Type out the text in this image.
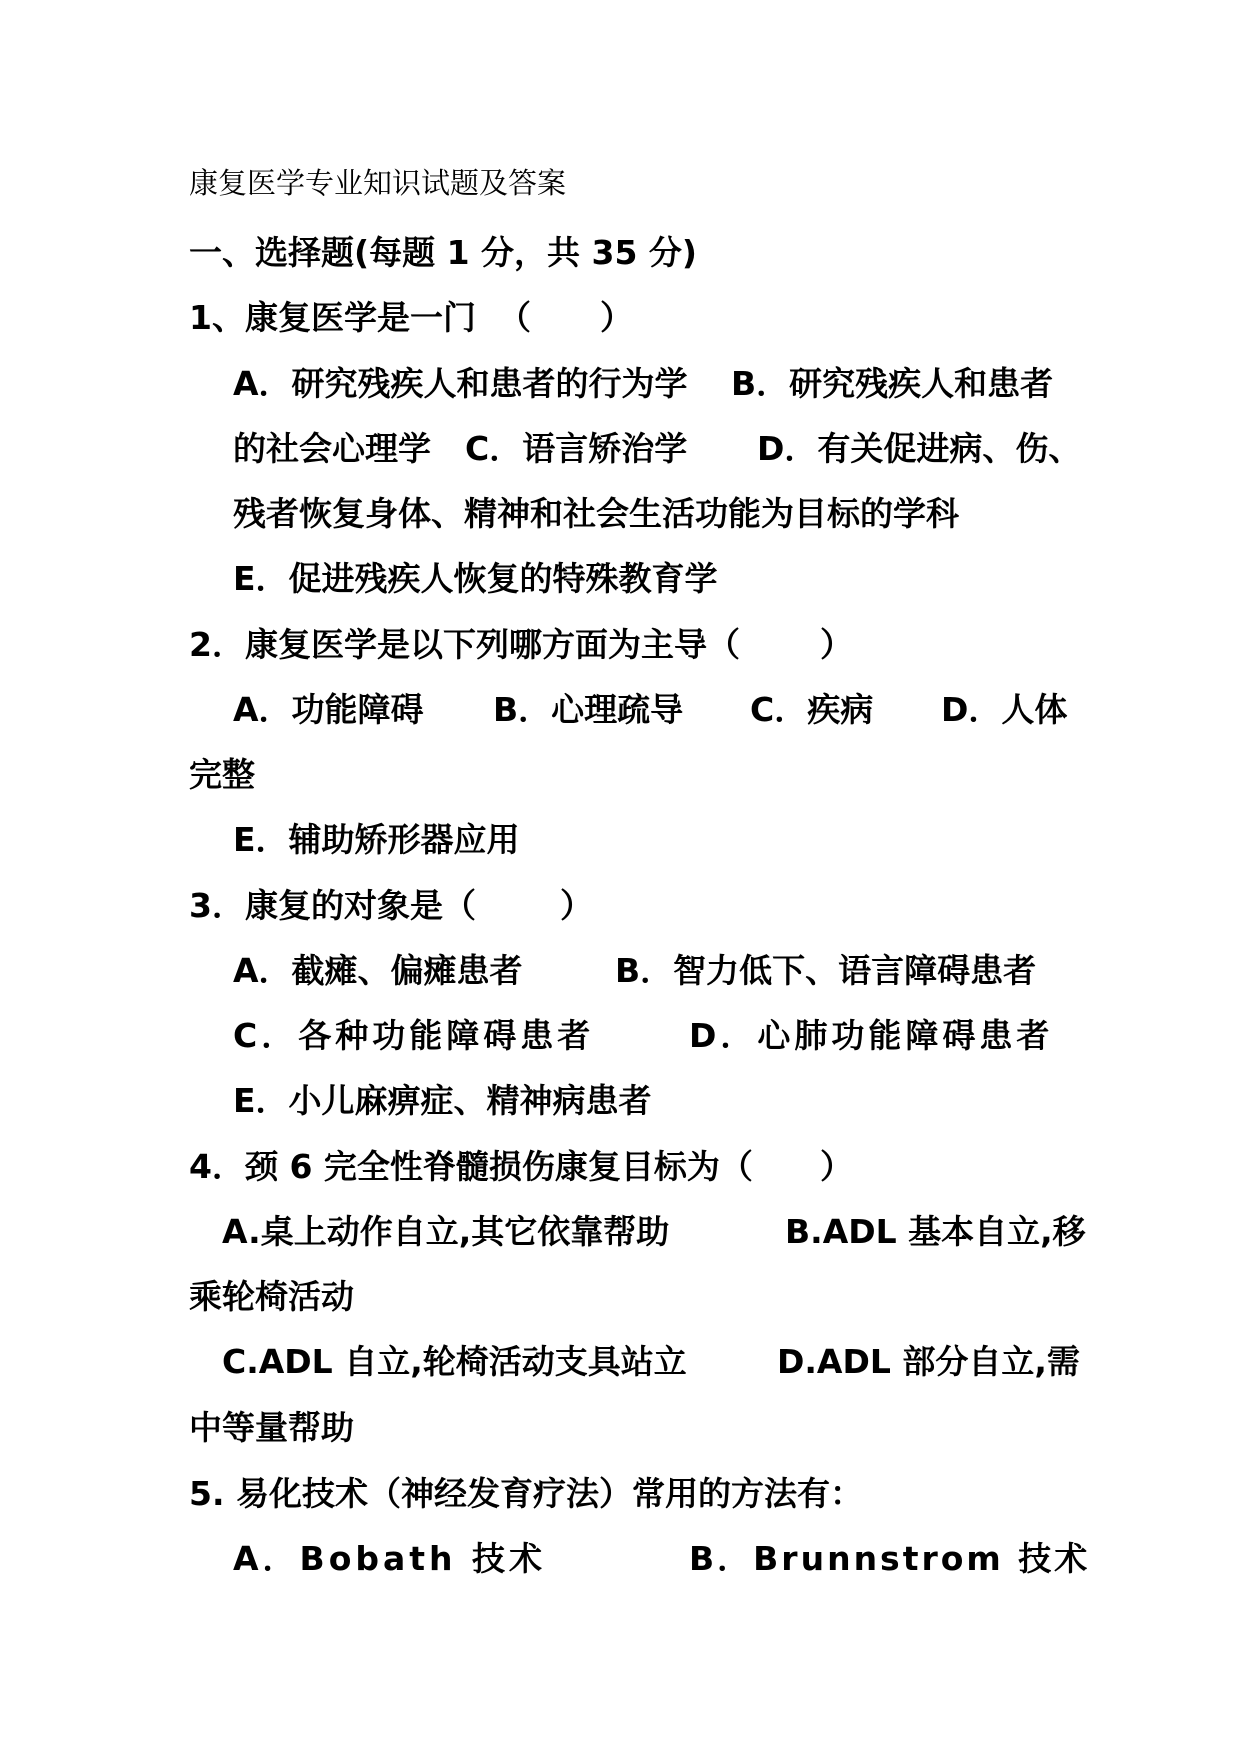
康复医学专业知识试题及答案
一、选择题(每题 1 分，共 35 分)
1、康复医学是一门 （ ）
A．研究残疾人和患者的行为学 B．研究残疾人和患者
的社会心理学 C．语言矫治学 D．有关促进病、伤、
残者恢复身体、精神和社会生活功能为目标的学科
E．促进残疾人恢复的特殊教育学
2．康复医学是以下列哪方面为主导（ ）
A．功能障碍 B．心理疏导 C．疾病 D．人体
完整
E．辅助矫形器应用
3．康复的对象是（	）
A．截瘫、偏瘫患者	B．智力低下、语言障碍患者
C．各种功能障碍患者	D．心肺功能障碍患者
E．小儿麻痹症、精神病患者
4．颈 6 完全性脊髓损伤康复目标为（ ）
A.桌上动作自立,其它依靠帮助	B.ADL 基本自立,移
乘轮椅活动
C.ADL 自立,轮椅活动支具站立	D.ADL 部分自立,需
中等量帮助
5. 易化技术（神经发育疗法）常用的方法有：
A．Bobath 技术	B．Brunnstrom 技术
